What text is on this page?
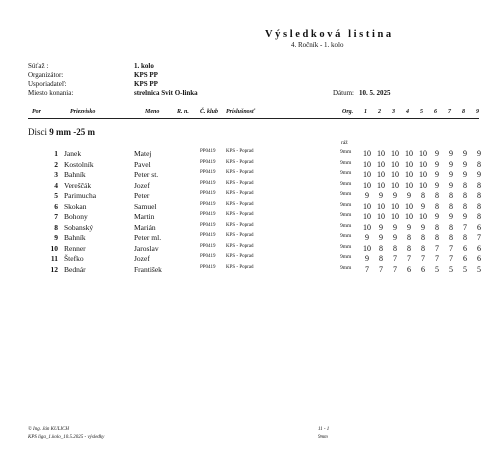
Výsledková listina
4. Ročník - 1. kolo
Súťaž :	1. kolo
Organizátor:	KPS PP
Usporiadateľ:	KPS PP
Miesto konania:	strelnica Svit O-linka	Dátum: 10. 5. 2025
Por	Priezvisko	Meno	R. n. Č. klub Príslušnosť	Org. 1 2 3 4 5 6 7 8 9
Disci 9 mm -25 m
ráž
1 Janek	Matej	PP0419 KPS - Poprad	9mm 10 10 10 10 10	9	9	9	9
2 Kostolník	Pavel	PP0419 KPS - Poprad	9mm 10 10 10 10 10	9	9	9	8
3 Bahník	Peter st.	PP0419 KPS - Poprad	9mm 10 10 10 10 10	9	9	9	9
4 Vereščák	Jozef	PP0419 KPS - Poprad	9mm 10 10 10 10 10	9	9	8	8
5 Parimucha	Peter	PP0419 KPS - Poprad	9mm	9	9	9	9	8	8	8	8	8
6 Skokan	Samuel	PP0419 KPS - Poprad	9mm 10 10 10 10	9	8	8	8	8
7 Bohony	Martin	PP0419 KPS - Poprad	9mm 10 10 10 10 10	9	9	9	8
8 Sobanský	Marián	PP0419 KPS - Poprad	9mm 10	9	9	9	9	8	8	7	6
9 Bahník	Peter ml.	PP0419 KPS - Poprad	9mm	9	9	9	8	8	8	8	8	7
10 Renner	Jaroslav	PP0419 KPS - Poprad	9mm 10	8	8	8	8	7	7	6	6
11 Štefko	Jozef	PP0419 KPS - Poprad	9mm	9	8	7	7	7	7	7	6	6
12 Bednár	František	PP0419 KPS - Poprad	9mm	7	7	7	6	6	5	5	5	5
© Ing. Ján KULICH
KPS liga_1.kolo_10.5.2025 - výsledky
11 - 1
9mm
